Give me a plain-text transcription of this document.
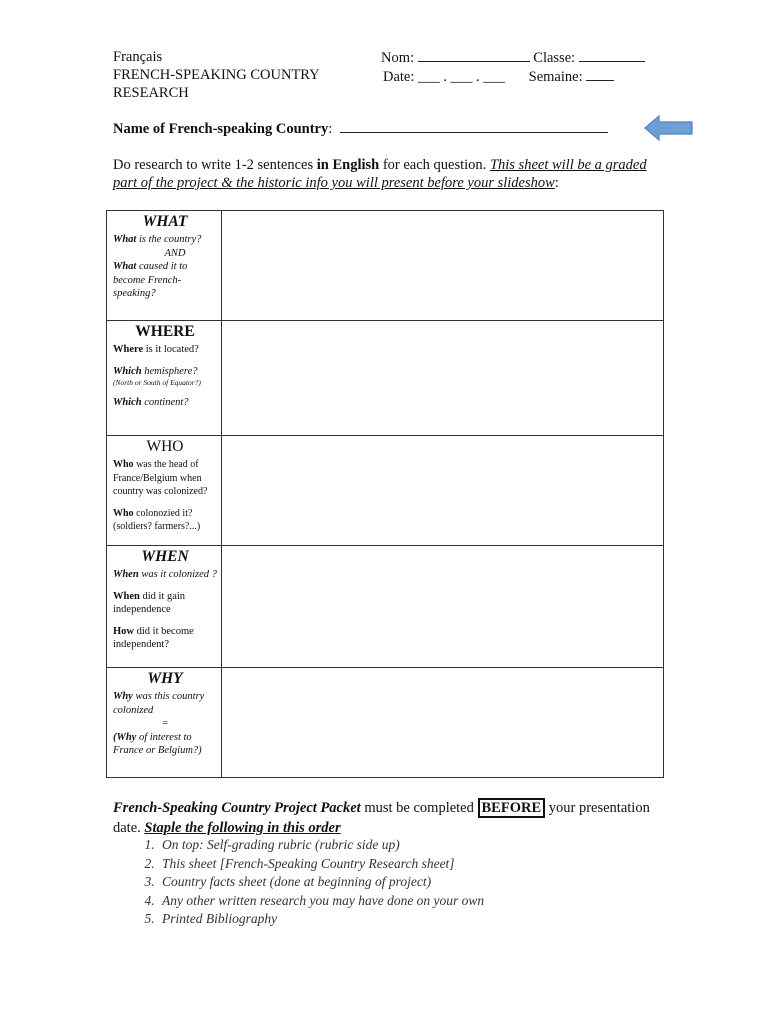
Français
FRENCH-SPEAKING COUNTRY
RESEARCH
Nom:	Classe:
Date: ___ . ___ . ___ Semaine:
Name of French-speaking Country:
Do research to write 1-2 sentences in English for each question. This sheet will be a graded part of the project & the historic info you will present before your slideshow:
WHAT
What is the country?
AND
What caused it to become French-speaking?	

WHERE
Where is it located?
Which hemisphere?
(North or South of Equator?)
Which continent?	

WHO
Who was the head of France/Belgium when country was colonized?
Who colonozied it? (soldiers? farmers?...)	

WHEN
When was it colonized ?
When did it gain independence
How did it become independent?	

WHY
Why was this country colonized
=
(Why of interest to France or Belgium?)	

French-Speaking Country Project Packet must be completed BEFORE your presentation date. Staple the following in this order
1. On top: Self-grading rubric (rubric side up)
2. This sheet [French-Speaking Country Research sheet]
3. Country facts sheet (done at beginning of project)
4. Any other written research you may have done on your own
5. Printed Bibliography
